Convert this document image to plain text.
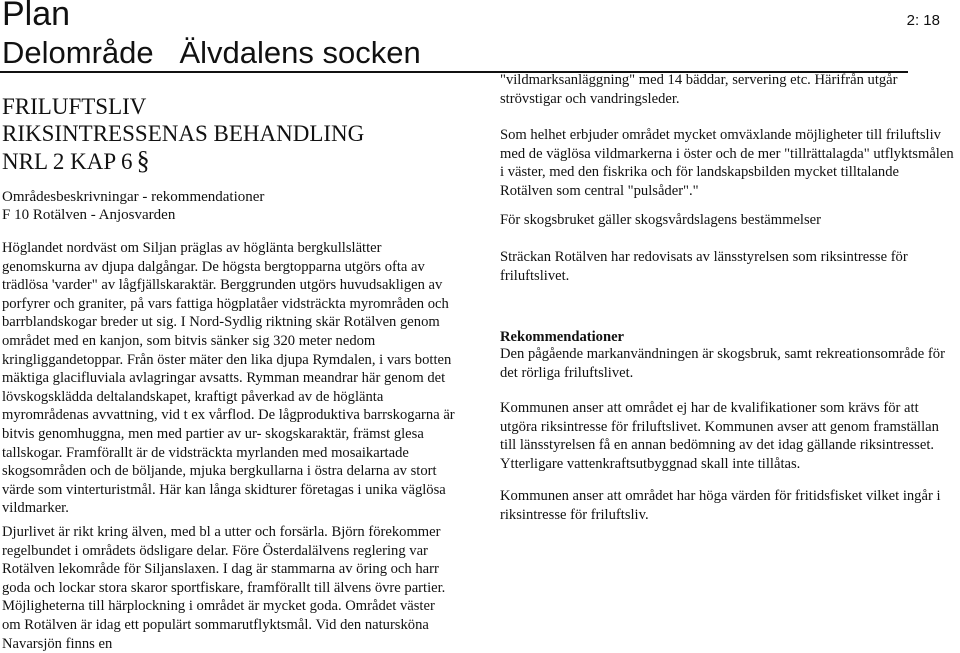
Plan
Delområde Älvdalens socken
2: 18
FRILUFTSLIV
RIKSINTRESSENAS BEHANDLING
NRL 2 KAP 6 §
Områdesbeskrivningar - rekommendationer
F 10 Rotälven - Anjosvarden

Höglandet nordväst om Siljan präglas av höglänta bergkullslätter genomskurna av djupa dalgångar. De högsta bergtopparna utgörs ofta av trädlösa 'varder" av lågfjällskaraktär. Berggrunden utgörs huvudsakligen av porfyrer och graniter, på vars fattiga högplatåer vidsträckta myrområden och barrblandskogar breder ut sig. I Nord-Sydlig riktning skär Rotälven genom området med en kanjon, som bitvis sänker sig 320 meter nedom kringliggandetoppar. Från öster mäter den lika djupa Rymdalen, i vars botten mäktiga glacifluviala avlagringar avsatts. Rymman meandrar här genom det lövskogsklädda deltalandskapet, kraftigt påverkad av de höglänta myrområdenas avvattning, vid t ex vårflod. De lågproduktiva barrskogarna är bitvis genomhuggna, men med partier av ur- skogskaraktär, främst glesa tallskogar. Framförallt är de vidsträckta myrlanden med mosaikartade skogsområden och de böljande, mjuka bergkullarna i östra delarna av stort värde som vinterturistmål. Här kan långa skidturer företagas i unika väglösa vildmarker.

Djurlivet är rikt kring älven, med bl a utter och forsärla. Björn förekommer regelbundet i områdets ödsligare delar. Före Österdalälvens reglering var Rotälven lekområde för Siljanslaxen. I dag är stammarna av öring och harr goda och lockar stora skaror sportfiskare, framförallt till älvens övre partier. Möjligheterna till härplockning i området är mycket goda. Området väster om Rotälven är idag ett populärt sommarutflyktsmål. Vid den natursköna Navarsjön finns en

"vildmarksanläggning" med 14 bäddar, servering etc. Härifrån utgår strövstigar och vandringsleder.
Som helhet erbjuder området mycket omväxlande möjligheter till friluftsliv med de väglösa vildmarkerna i öster och de mer "tillrättalagda" utflyktsmålen i väster, med den fiskrika och för landskapsbilden mycket tilltalande Rotälven som central "pulsåder"."
För skogsbruket gäller skogsvårdslagens bestämmelser
Sträckan Rotälven har redovisats av länsstyrelsen som riksintresse för friluftslivet.
Rekommendationer
Den pågående markanvändningen är skogsbruk, samt rekreationsområde för det rörliga friluftslivet.
Kommunen anser att området ej har de kvalifikationer som krävs för att utgöra riksintresse för friluftslivet. Kommunen avser att genom framställan till länsstyrelsen få en annan bedömning av det idag gällande riksintresset. Ytterligare vattenkraftsutbyggnad skall inte tillåtas.
Kommunen anser att området har höga värden för fritidsfisket vilket ingår i riksintresse för friluftsliv.
